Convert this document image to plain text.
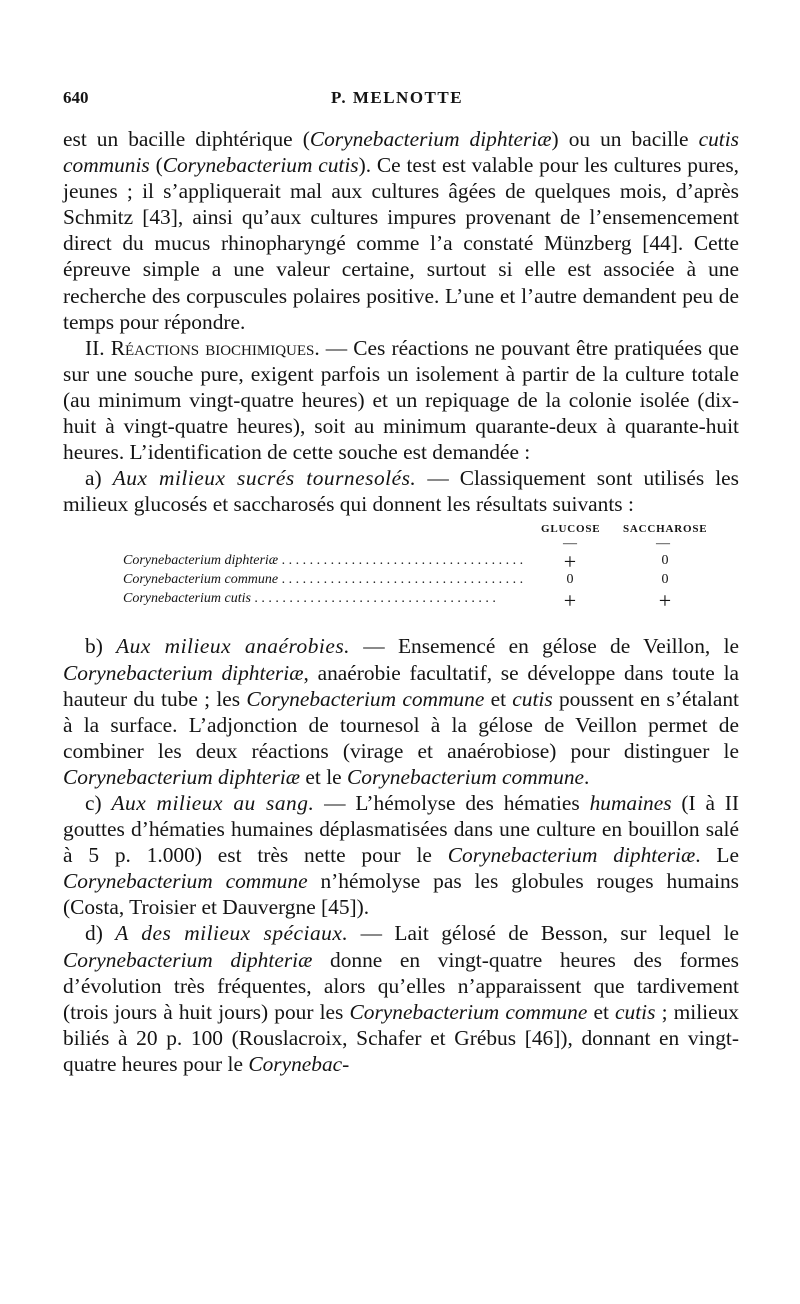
640	P. MELNOTTE

est un bacille diphtérique (Corynebacterium diphteriæ) ou un bacille cutis communis (Corynebacterium cutis). Ce test est valable pour les cultures pures, jeunes ; il s’appliquerait mal aux cultures âgées de quelques mois, d’après Schmitz [43], ainsi qu’aux cultures impures provenant de l’ensemencement direct du mucus rhinopharyngé comme l’a constaté Münzberg [44]. Cette épreuve simple a une valeur certaine, surtout si elle est associée à une recherche des corpuscules polaires positive. L’une et l’autre demandent peu de temps pour répondre.

II. Réactions biochimiques. — Ces réactions ne pouvant être pratiquées que sur une souche pure, exigent parfois un isolement à partir de la culture totale (au minimum vingt-quatre heures) et un repiquage de la colonie isolée (dix-huit à vingt-quatre heures), soit au minimum quarante-deux à quarante-huit heures. L’identification de cette souche est demandée :

a) Aux milieux sucrés tournesolés. — Classiquement sont utilisés les milieux glucosés et saccharosés qui donnent les résultats suivants :

GLUCOSE SACCHAROSE
—	—
Corynebacterium diphteriæ . . .	+	0
Corynebacterium commune . . .	0	0
Corynebacterium cutis . . .	+	+

b) Aux milieux anaérobies. — Ensemencé en gélose de Veillon, le Corynebacterium diphteriæ, anaérobie facultatif, se développe dans toute la hauteur du tube ; les Corynebacterium commune et cutis poussent en s’étalant à la surface. L’adjonction de tournesol à la gélose de Veillon permet de combiner les deux réactions (virage et anaérobiose) pour distinguer le Corynebacterium diphteriæ et le Corynebacterium commune.

c) Aux milieux au sang. — L’hémolyse des hématies humaines (I à II gouttes d’hématies humaines déplasmatisées dans une culture en bouillon salé à 5 p. 1.000) est très nette pour le Corynebacterium diphteriæ. Le Corynebacterium commune n’hémolyse pas les globules rouges humains (Costa, Troisier et Dauvergne [45]).

d) A des milieux spéciaux. — Lait gélosé de Besson, sur lequel le Corynebacterium diphteriæ donne en vingt-quatre heures des formes d’évolution très fréquentes, alors qu’elles n’apparaissent que tardivement (trois jours à huit jours) pour les Corynebacterium commune et cutis ; milieux biliés à 20 p. 100 (Rouslacroix, Schafer et Grébus [46]), donnant en vingt-quatre heures pour le Corynebac-
